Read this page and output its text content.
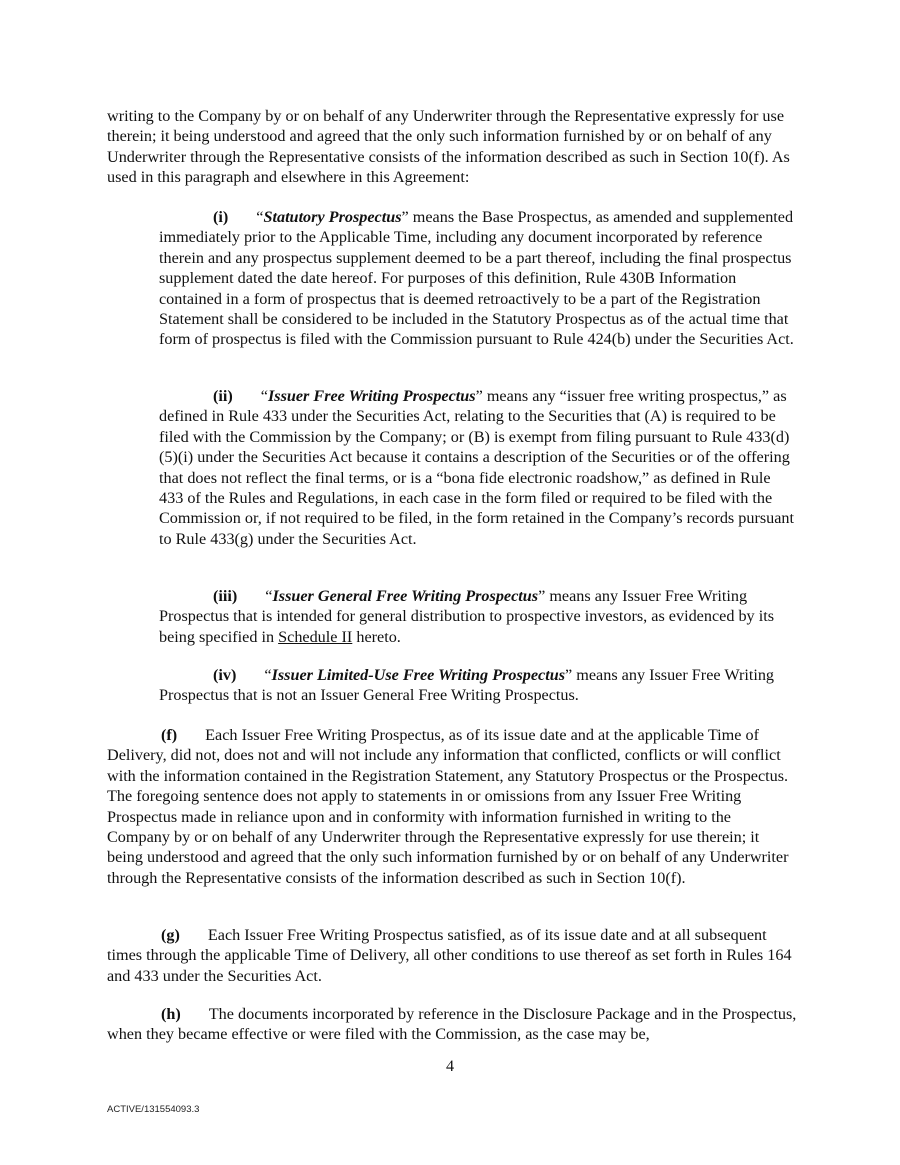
writing to the Company by or on behalf of any Underwriter through the Representative expressly for use therein; it being understood and agreed that the only such information furnished by or on behalf of any Underwriter through the Representative consists of the information described as such in Section 10(f). As used in this paragraph and elsewhere in this Agreement:

(i) “Statutory Prospectus” means the Base Prospectus, as amended and supplemented immediately prior to the Applicable Time, including any document incorporated by reference therein and any prospectus supplement deemed to be a part thereof, including the final prospectus supplement dated the date hereof. For purposes of this definition, Rule 430B Information contained in a form of prospectus that is deemed retroactively to be a part of the Registration Statement shall be considered to be included in the Statutory Prospectus as of the actual time that form of prospectus is filed with the Commission pursuant to Rule 424(b) under the Securities Act.

(ii) “Issuer Free Writing Prospectus” means any “issuer free writing prospectus,” as defined in Rule 433 under the Securities Act, relating to the Securities that (A) is required to be filed with the Commission by the Company; or (B) is exempt from filing pursuant to Rule 433(d)(5)(i) under the Securities Act because it contains a description of the Securities or of the offering that does not reflect the final terms, or is a “bona fide electronic roadshow,” as defined in Rule 433 of the Rules and Regulations, in each case in the form filed or required to be filed with the Commission or, if not required to be filed, in the form retained in the Company’s records pursuant to Rule 433(g) under the Securities Act.

(iii) “Issuer General Free Writing Prospectus” means any Issuer Free Writing Prospectus that is intended for general distribution to prospective investors, as evidenced by its being specified in Schedule II hereto.

(iv) “Issuer Limited-Use Free Writing Prospectus” means any Issuer Free Writing Prospectus that is not an Issuer General Free Writing Prospectus.

(f) Each Issuer Free Writing Prospectus, as of its issue date and at the applicable Time of Delivery, did not, does not and will not include any information that conflicted, conflicts or will conflict with the information contained in the Registration Statement, any Statutory Prospectus or the Prospectus. The foregoing sentence does not apply to statements in or omissions from any Issuer Free Writing Prospectus made in reliance upon and in conformity with information furnished in writing to the Company by or on behalf of any Underwriter through the Representative expressly for use therein; it being understood and agreed that the only such information furnished by or on behalf of any Underwriter through the Representative consists of the information described as such in Section 10(f).

(g) Each Issuer Free Writing Prospectus satisfied, as of its issue date and at all subsequent times through the applicable Time of Delivery, all other conditions to use thereof as set forth in Rules 164 and 433 under the Securities Act.

(h) The documents incorporated by reference in the Disclosure Package and in the Prospectus, when they became effective or were filed with the Commission, as the case may be,

4
ACTIVE/131554093.3
